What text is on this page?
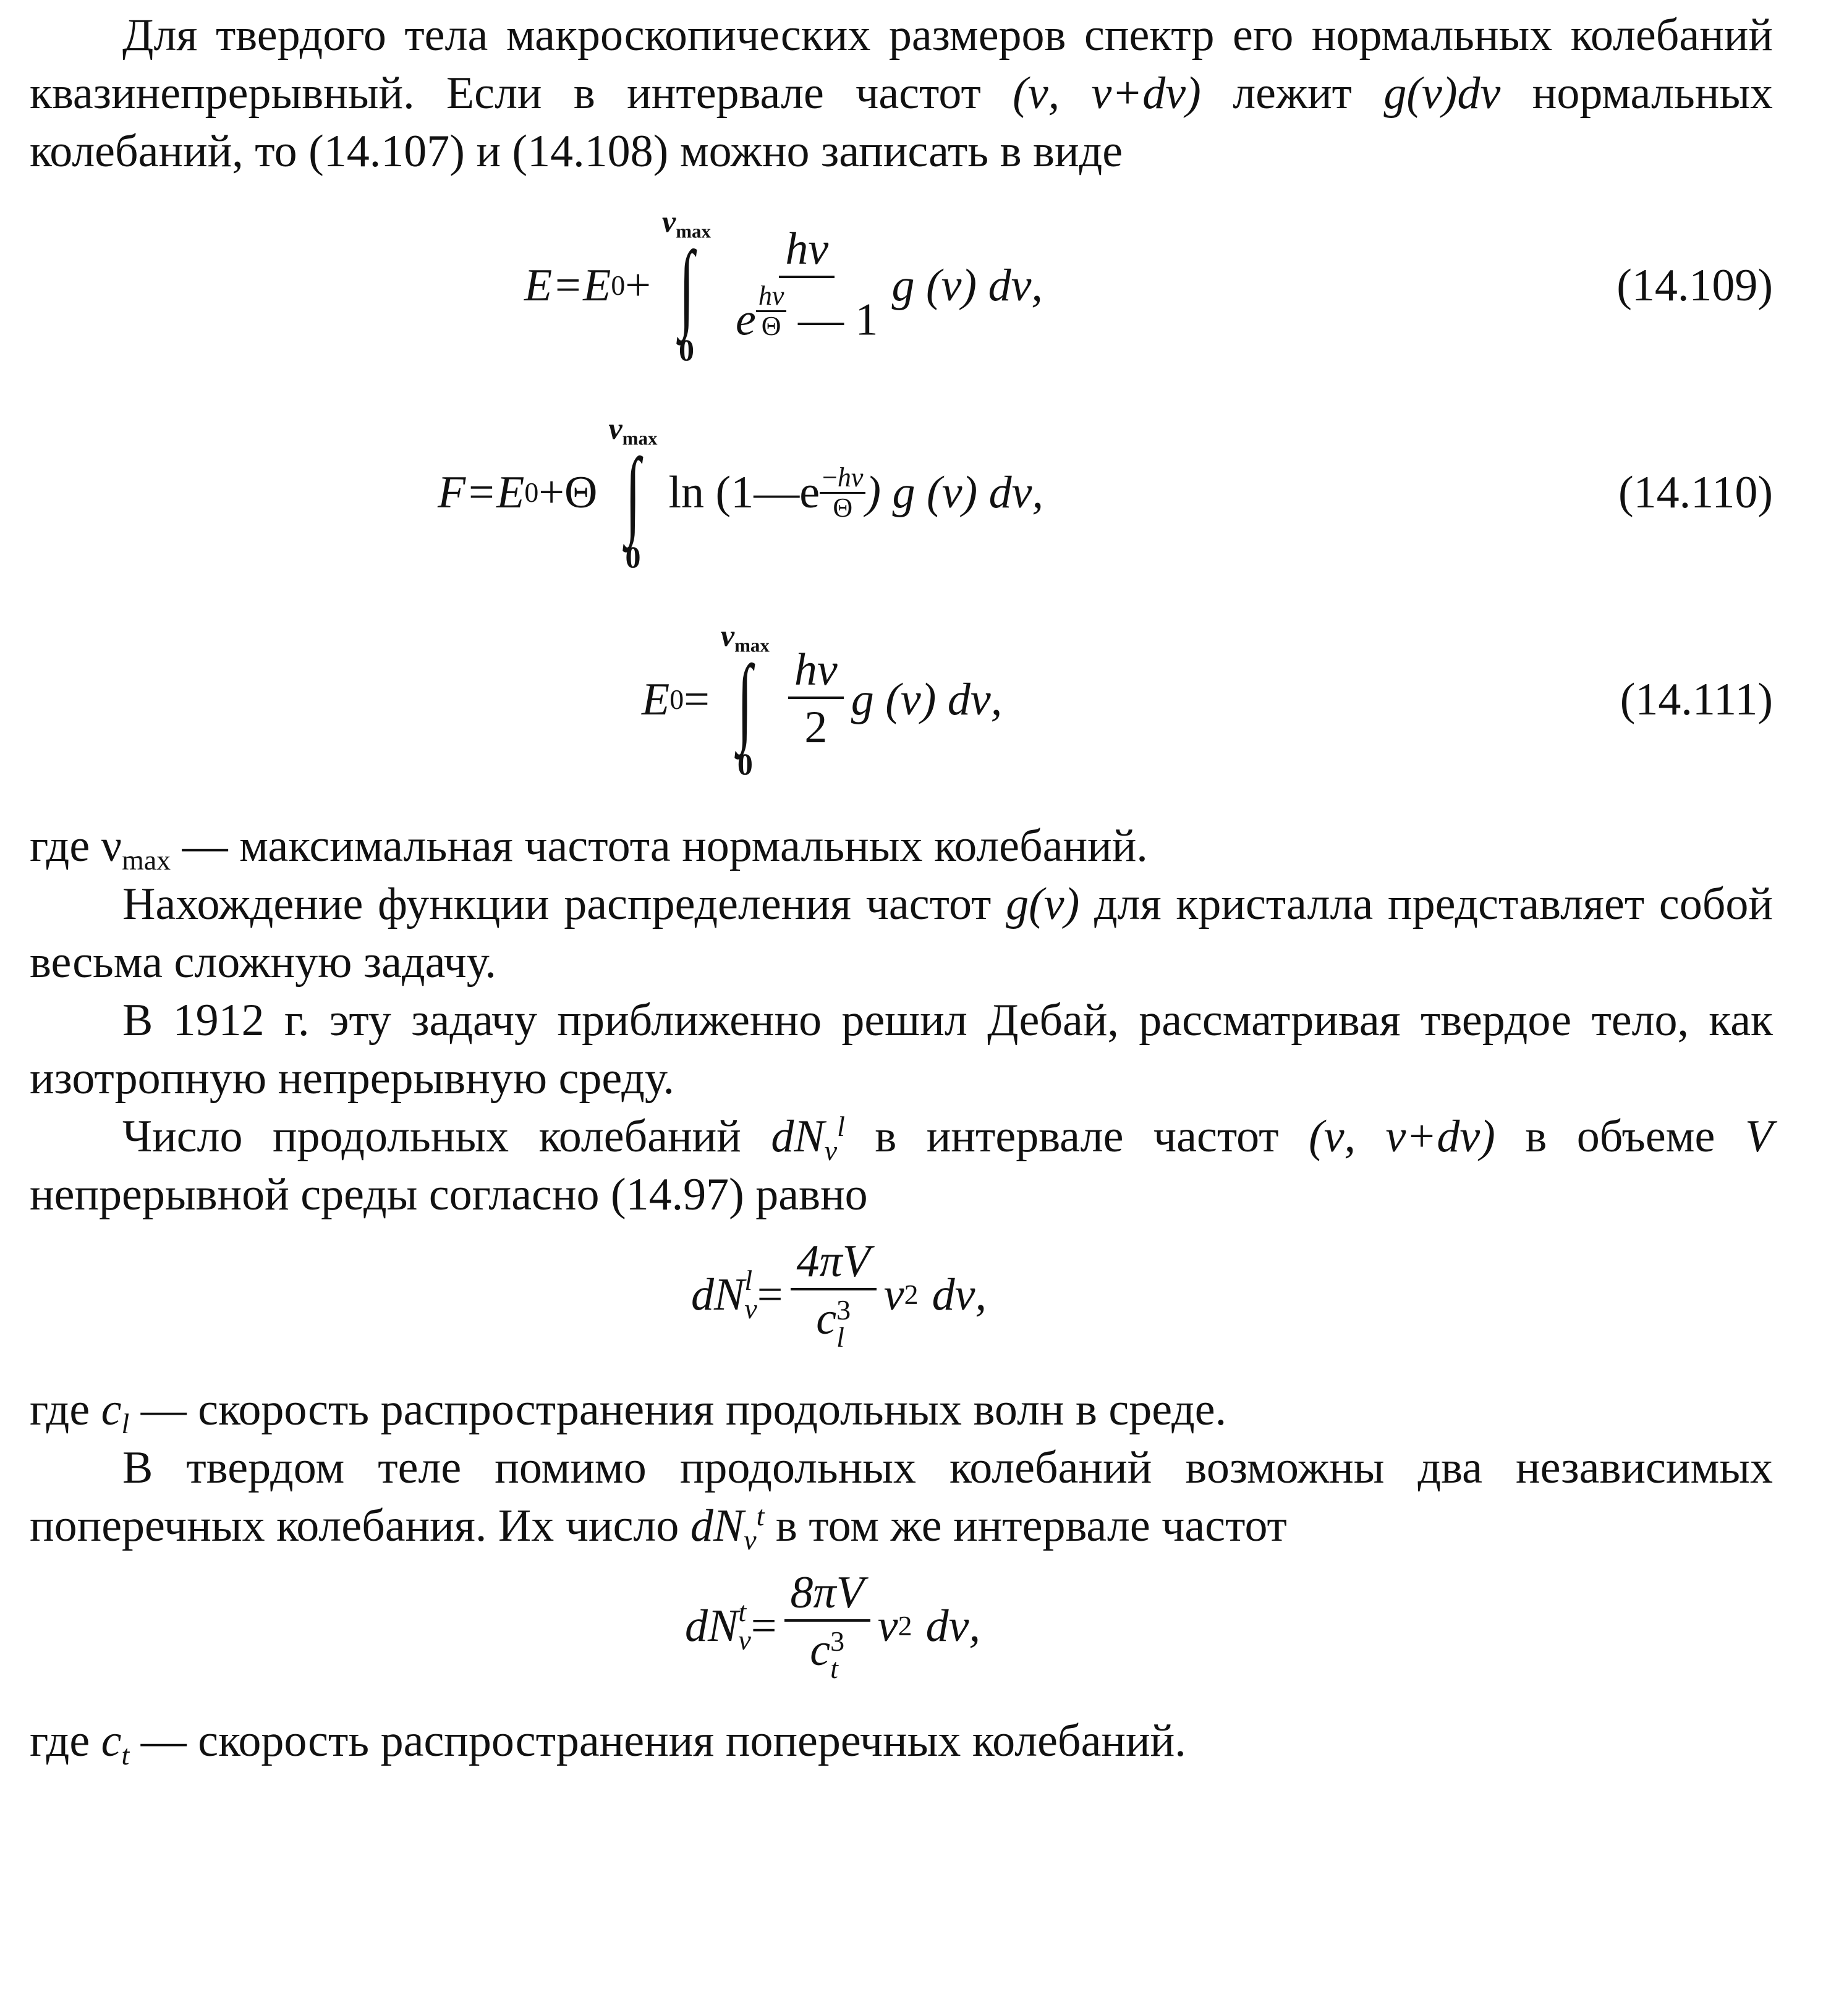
Для твердого тела макроскопических размеров спектр его нормальных колебаний квазинепрерывный. Если в интервале частот (ν, ν+dν) лежит g(ν)dν нормальных колебаний, то (14.107) и (14.108) можно записать в виде

E=E 0 +
$\nu_{max}$
∫
0
$\frac{h\nu}{e \frac{h\nu}{\Theta} — 1}$ g (ν) dν,	(14.109)
F=E 0 +Θ
$\nu_{max}$
∫
0
ln (1—e $\frac{-h\nu}{\Theta}$ ) g (ν) dν,	(14.110)
E 0 =
$\nu_{max}$
∫
0
$\frac{h\nu}{2}$ g (ν) dν,	(14.111)

где $\nu_{max}$ — максимальная частота нормальных колебаний.

Нахождение функции распределения частот g(ν) для кристалла представляет собой весьма сложную задачу.

В 1912 г. эту задачу приближенно решил Дебай, рассматривая твердое тело, как изотропную непрерывную среду.

Число продольных колебаний $dN_\nu^l$ в интервале частот (ν, ν+dν) в объеме V непрерывной среды согласно (14.97) равно

dN l
ν = 4πV
c 3
l ν 2 dν,

где $c_l$ — скорость распространения продольных волн в среде.

В твердом теле помимо продольных колебаний возможны два независимых поперечных колебания. Их число $dN_\nu^t$ в том же интервале частот

dN t
ν = 8πV
c 3
t ν 2 dν,

где $c_t$ — скорость распространения поперечных колебаний.
